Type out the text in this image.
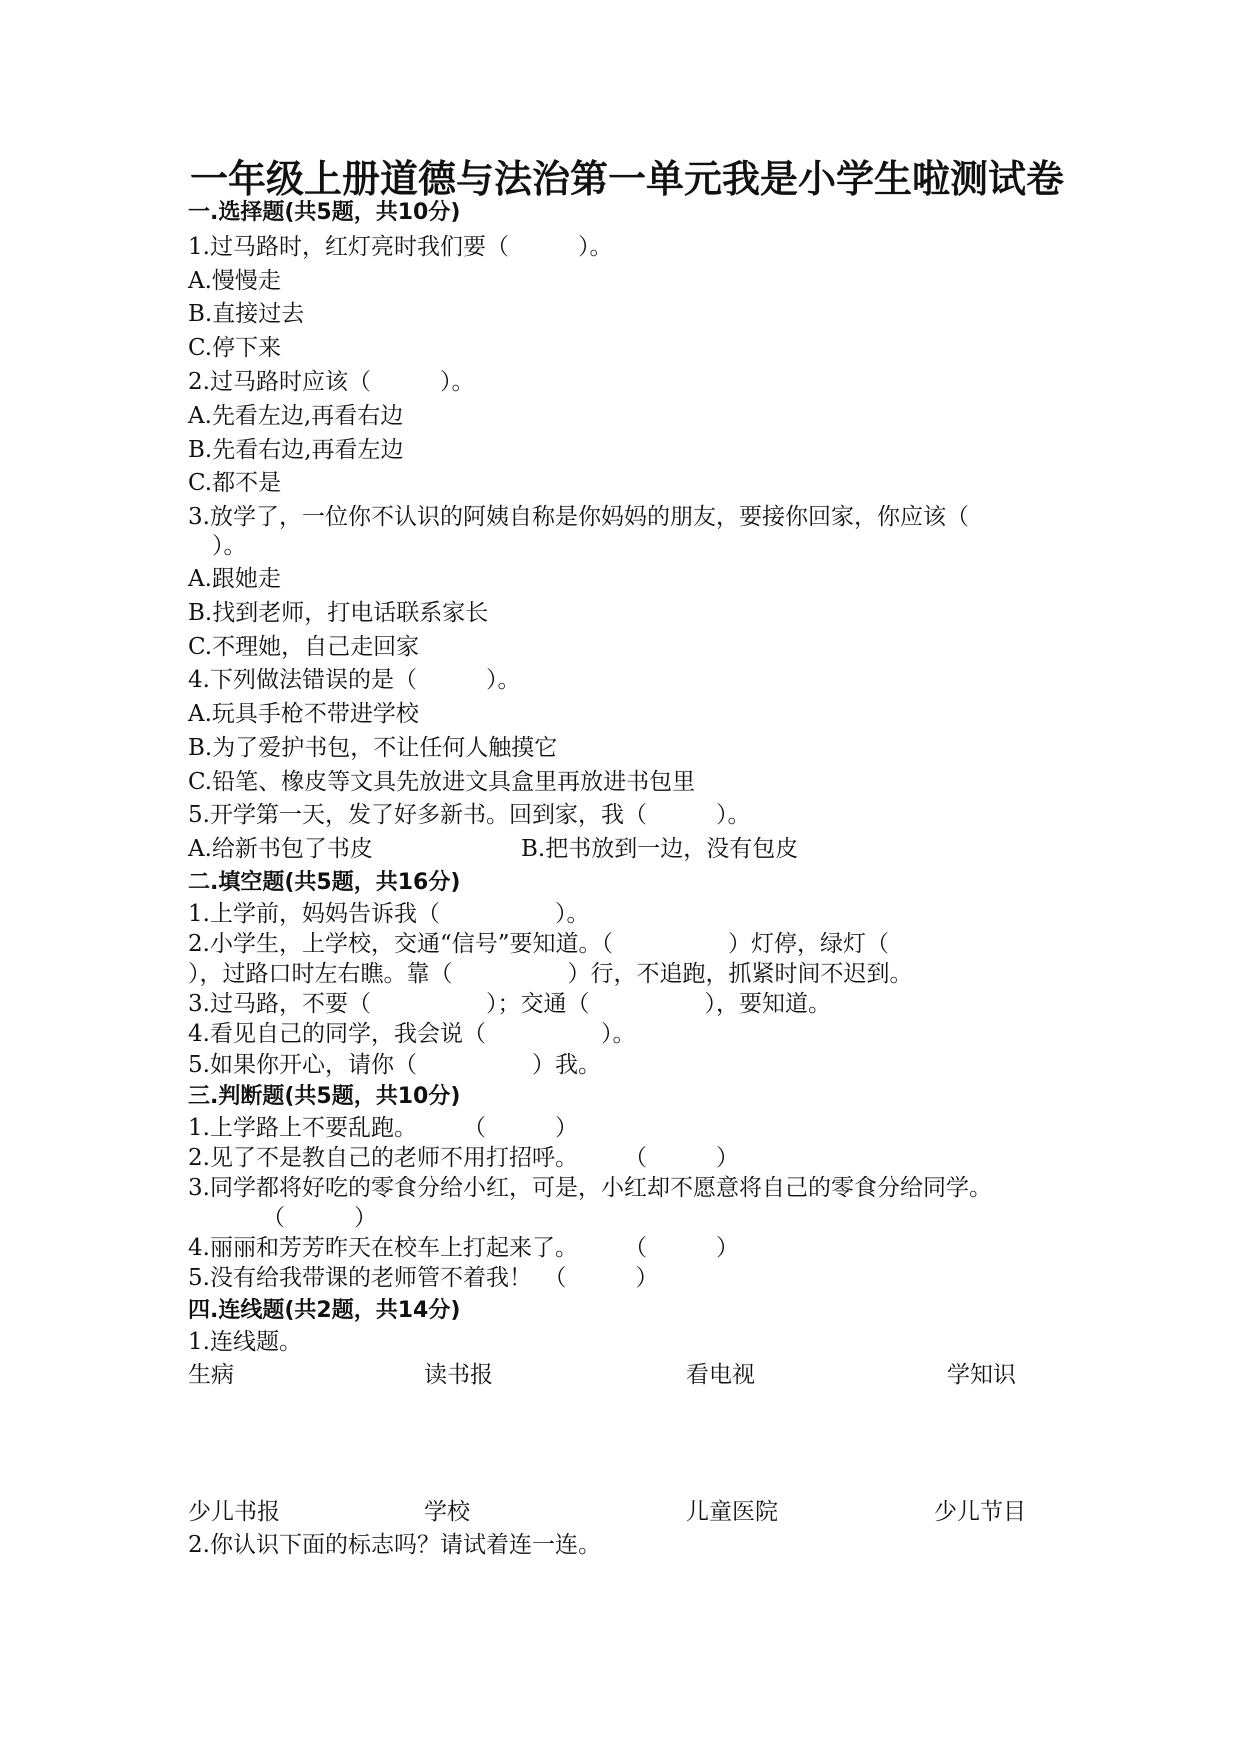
一年级上册道德与法治第一单元我是小学生啦测试卷
一.选择题(共5题，共10分)
1.过马路时，红灯亮时我们要（　　　）。
A.慢慢走
B.直接过去
C.停下来
2.过马路时应该（　　　）。
A.先看左边,再看右边
B.先看右边,再看左边
C.都不是
3.放学了，一位你不认识的阿姨自称是你妈妈的朋友，要接你回家，你应该（
）。
A.跟她走
B.找到老师，打电话联系家长
C.不理她，自己走回家
4.下列做法错误的是（　　　）。
A.玩具手枪不带进学校
B.为了爱护书包，不让任何人触摸它
C.铅笔、橡皮等文具先放进文具盒里再放进书包里
5.开学第一天，发了好多新书。回到家，我（　　　）。
A.给新书包了书皮	B.把书放到一边，没有包皮
二.填空题(共5题，共16分)
1.上学前，妈妈告诉我（　　　　　）。
2.小学生，上学校，交通“信号”要知道。（　　　　　）灯停，绿灯（
），过路口时左右瞧。靠（　　　　　）行，不追跑，抓紧时间不迟到。
3.过马路，不要（　　　　　）；交通（　　　　　），要知道。
4.看见自己的同学，我会说（　　　　　）。
5.如果你开心，请你（　　　　　）我。
三.判断题(共5题，共10分)
1.上学路上不要乱跑。　　　（　　　）
2.见了不是教自己的老师不用打招呼。　　　（　　　）
3.同学都将好吃的零食分给小红，可是，小红却不愿意将自己的零食分给同学。
（　　　）
4.丽丽和芳芳昨天在校车上打起来了。　　　（　　　）
5.没有给我带课的老师管不着我！　（　　　）
四.连线题(共2题，共14分)
1.连线题。
生病	读书报	看电视	学知识
少儿书报	学校	儿童医院	少儿节目
2.你认识下面的标志吗？请试着连一连。
